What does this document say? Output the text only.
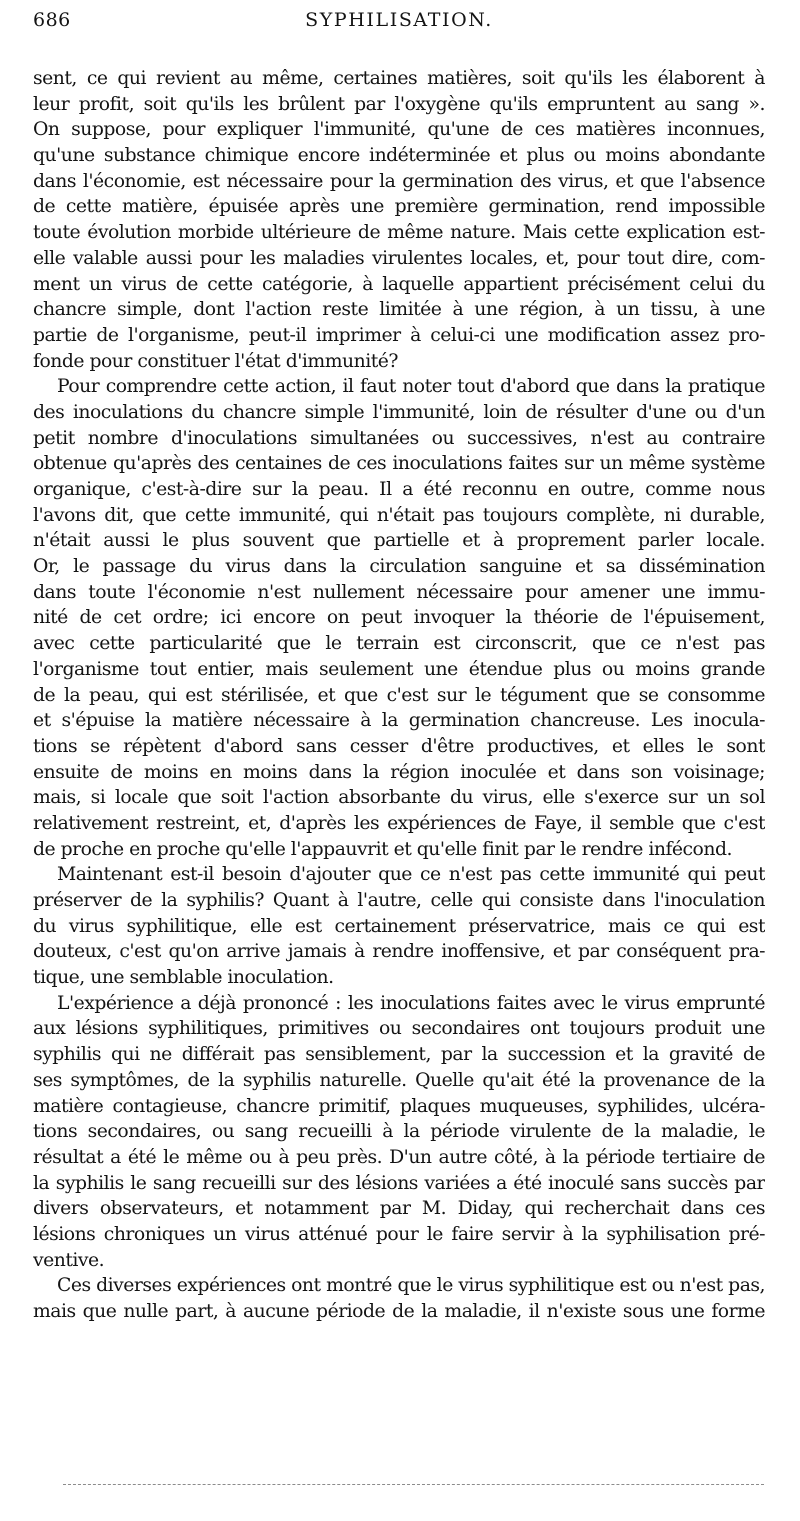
686	SYPHILISATION.

sent, ce qui revient au même, certaines matières, soit qu'ils les élaborent à
leur profit, soit qu'ils les brûlent par l'oxygène qu'ils empruntent au sang ».
On suppose, pour expliquer l'immunité, qu'une de ces matières inconnues,
qu'une substance chimique encore indéterminée et plus ou moins abondante
dans l'économie, est nécessaire pour la germination des virus, et que l'absence
de cette matière, épuisée après une première germination, rend impossible
toute évolution morbide ultérieure de même nature. Mais cette explication est-
elle valable aussi pour les maladies virulentes locales, et, pour tout dire, com-
ment un virus de cette catégorie, à laquelle appartient précisément celui du
chancre simple, dont l'action reste limitée à une région, à un tissu, à une
partie de l'organisme, peut-il imprimer à celui-ci une modification assez pro-
fonde pour constituer l'état d'immunité?

Pour comprendre cette action, il faut noter tout d'abord que dans la pratique
des inoculations du chancre simple l'immunité, loin de résulter d'une ou d'un
petit nombre d'inoculations simultanées ou successives, n'est au contraire
obtenue qu'après des centaines de ces inoculations faites sur un même système
organique, c'est-à-dire sur la peau. Il a été reconnu en outre, comme nous
l'avons dit, que cette immunité, qui n'était pas toujours complète, ni durable,
n'était aussi le plus souvent que partielle et à proprement parler locale.
Or, le passage du virus dans la circulation sanguine et sa dissémination
dans toute l'économie n'est nullement nécessaire pour amener une immu-
nité de cet ordre; ici encore on peut invoquer la théorie de l'épuisement,
avec cette particularité que le terrain est circonscrit, que ce n'est pas
l'organisme tout entier, mais seulement une étendue plus ou moins grande
de la peau, qui est stérilisée, et que c'est sur le tégument que se consomme
et s'épuise la matière nécessaire à la germination chancreuse. Les inocula-
tions se répètent d'abord sans cesser d'être productives, et elles le sont
ensuite de moins en moins dans la région inoculée et dans son voisinage;
mais, si locale que soit l'action absorbante du virus, elle s'exerce sur un sol
relativement restreint, et, d'après les expériences de Faye, il semble que c'est
de proche en proche qu'elle l'appauvrit et qu'elle finit par le rendre infécond.

Maintenant est-il besoin d'ajouter que ce n'est pas cette immunité qui peut
préserver de la syphilis? Quant à l'autre, celle qui consiste dans l'inoculation
du virus syphilitique, elle est certainement préservatrice, mais ce qui est
douteux, c'est qu'on arrive jamais à rendre inoffensive, et par conséquent pra-
tique, une semblable inoculation.

L'expérience a déjà prononcé : les inoculations faites avec le virus emprunté
aux lésions syphilitiques, primitives ou secondaires ont toujours produit une
syphilis qui ne différait pas sensiblement, par la succession et la gravité de
ses symptômes, de la syphilis naturelle. Quelle qu'ait été la provenance de la
matière contagieuse, chancre primitif, plaques muqueuses, syphilides, ulcéra-
tions secondaires, ou sang recueilli à la période virulente de la maladie, le
résultat a été le même ou à peu près. D'un autre côté, à la période tertiaire de
la syphilis le sang recueilli sur des lésions variées a été inoculé sans succès par
divers observateurs, et notamment par M. Diday, qui recherchait dans ces
lésions chroniques un virus atténué pour le faire servir à la syphilisation pré-
ventive.

Ces diverses expériences ont montré que le virus syphilitique est ou n'est pas,
mais que nulle part, à aucune période de la maladie, il n'existe sous une forme
